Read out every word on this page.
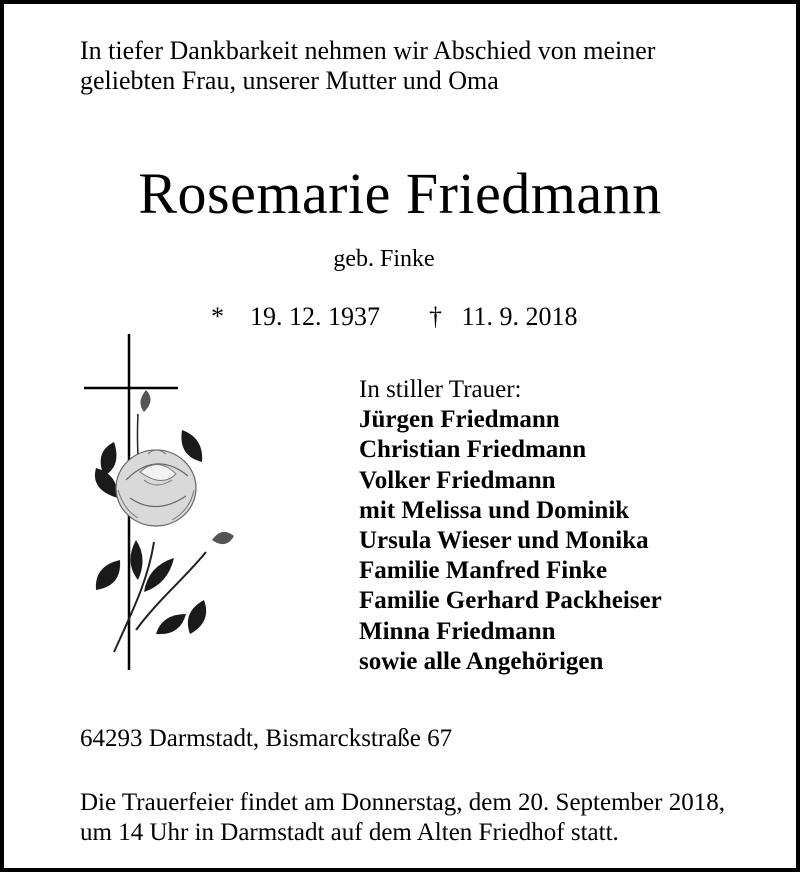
In tiefer Dankbarkeit nehmen wir Abschied von meiner
geliebten Frau, unserer Mutter und Oma
Rosemarie Friedmann
geb. Finke
* 19. 12. 1937 † 11. 9. 2018
In stiller Trauer:
Jürgen Friedmann
Christian Friedmann
Volker Friedmann
mit Melissa und Dominik
Ursula Wieser und Monika
Familie Manfred Finke
Familie Gerhard Packheiser
Minna Friedmann
sowie alle Angehörigen
64293 Darmstadt, Bismarckstraße 67
Die Trauerfeier findet am Donnerstag, dem 20. September 2018,
um 14 Uhr in Darmstadt auf dem Alten Friedhof statt.
